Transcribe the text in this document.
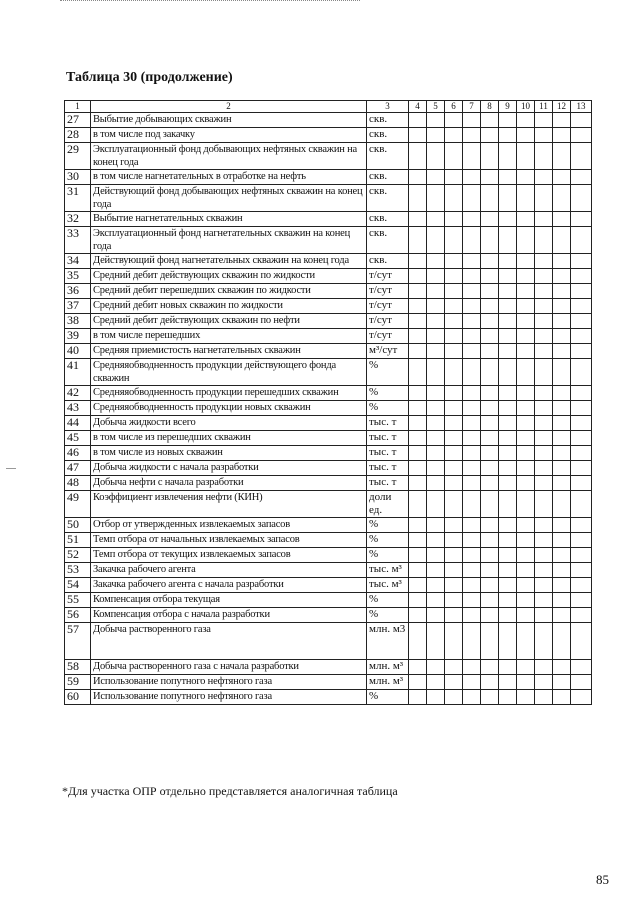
Таблица 30 (продолжение)
1	2	3	4	5	6	7	8	9	10	11	12	13
27	Выбытие добывающих скважин	скв.										
28	в том числе под закачку	скв.										
29	Эксплуатационный фонд добывающих нефтяных скважин на конец года	скв.										
30	в том числе нагнетательных в отработке на нефть	скв.										
31	Действующий фонд добывающих нефтяных скважин на конец года	скв.										
32	Выбытие нагнетательных скважин	скв.										
33	Эксплуатационный фонд нагнетательных скважин на конец года	скв.										
34	Действующий фонд нагнетательных скважин на конец года	скв.										
35	Средний дебит действующих скважин по жидкости	т/сут										
36	Средний дебит перешедших скважин по жидкости	т/сут										
37	Средний дебит новых скважин по жидкости	т/сут										
38	Средний дебит действующих скважин по нефти	т/сут										
39	в том числе перешедших	т/сут										
40	Средняя приемистость нагнетательных скважин	м³/сут										
41	Средняяобводненность продукции действующего фонда скважин	%										
42	Средняяобводненность продукции перешедших скважин	%										
43	Средняяобводненность продукции новых скважин	%										
44	Добыча жидкости всего	тыс. т										
45	в том числе из перешедших скважин	тыс. т										
46	в том числе из новых скважин	тыс. т										
47	Добыча жидкости с начала разработки	тыс. т										
48	Добыча нефти с начала разработки	тыс. т										
49	Коэффициент извлечения нефти (КИН)	доли ед.										
50	Отбор от утвержденных извлекаемых запасов	%										
51	Темп отбора от начальных извлекаемых запасов	%										
52	Темп отбора от текущих извлекаемых запасов	%										
53	Закачка рабочего агента	тыс. м³										
54	Закачка рабочего агента с начала разработки	тыс. м³										
55	Компенсация отбора текущая	%										
56	Компенсация отбора с начала разработки	%										
57	Добыча растворенного газа	млн. м3										
58	Добыча растворенного газа с начала разработки	млн. м³										
59	Использование попутного нефтяного газа	млн. м³										
60	Использование попутного нефтяного газа	%										
*Для участка ОПР отдельно представляется аналогичная таблица
85
